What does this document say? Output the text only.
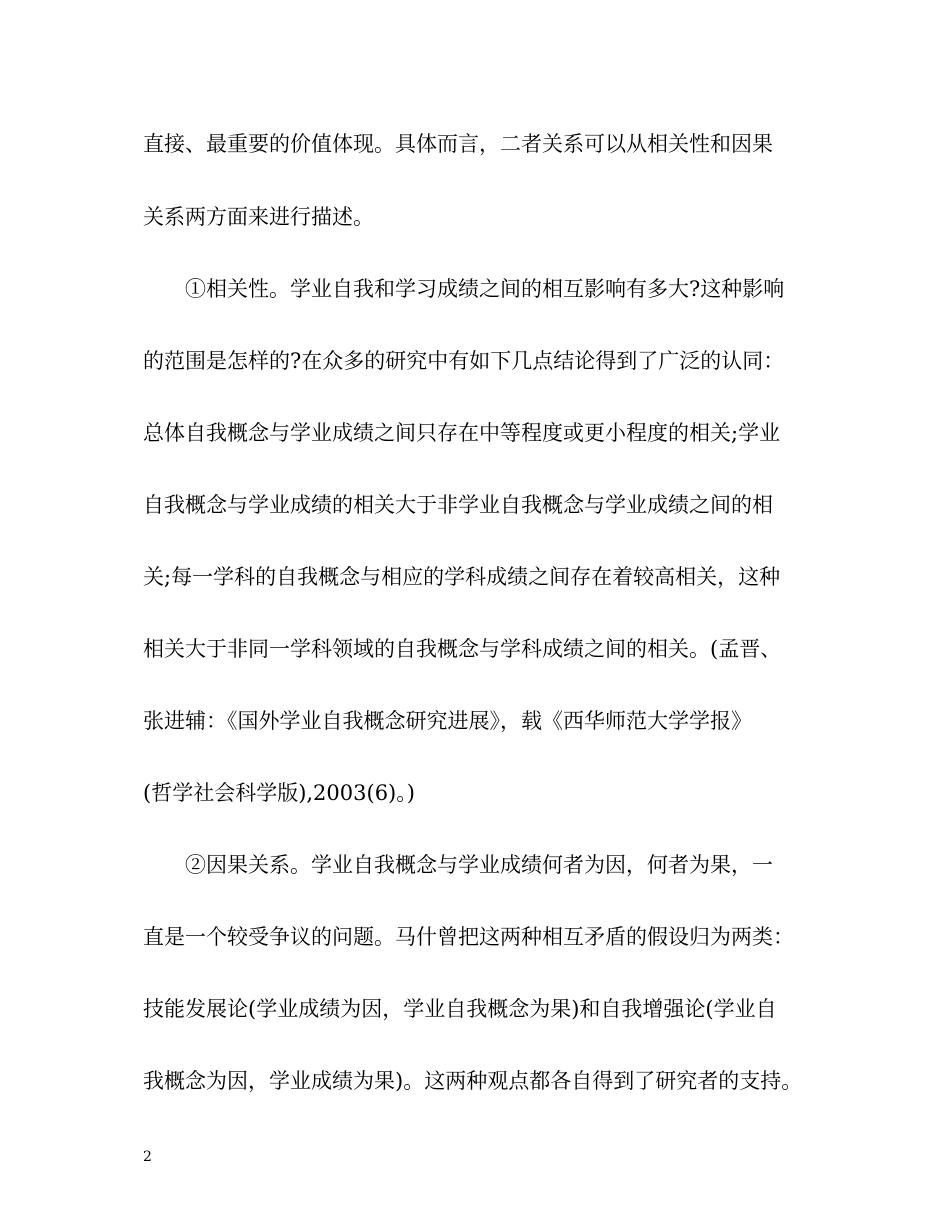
直接、最重要的价值体现。具体而言，二者关系可以从相关性和因果
关系两方面来进行描述。
①相关性。学业自我和学习成绩之间的相互影响有多大?这种影响
的范围是怎样的?在众多的研究中有如下几点结论得到了广泛的认同：
总体自我概念与学业成绩之间只存在中等程度或更小程度的相关;学业
自我概念与学业成绩的相关大于非学业自我概念与学业成绩之间的相
关;每一学科的自我概念与相应的学科成绩之间存在着较高相关，这种
相关大于非同一学科领域的自我概念与学科成绩之间的相关。(孟晋、
张进辅：《国外学业自我概念研究进展》，载《西华师范大学学报》
(哲学社会科学版),2003(6)。)
②因果关系。学业自我概念与学业成绩何者为因，何者为果，一
直是一个较受争议的问题。马什曾把这两种相互矛盾的假设归为两类：
技能发展论(学业成绩为因，学业自我概念为果)和自我增强论(学业自
我概念为因，学业成绩为果)。这两种观点都各自得到了研究者的支持。
2
